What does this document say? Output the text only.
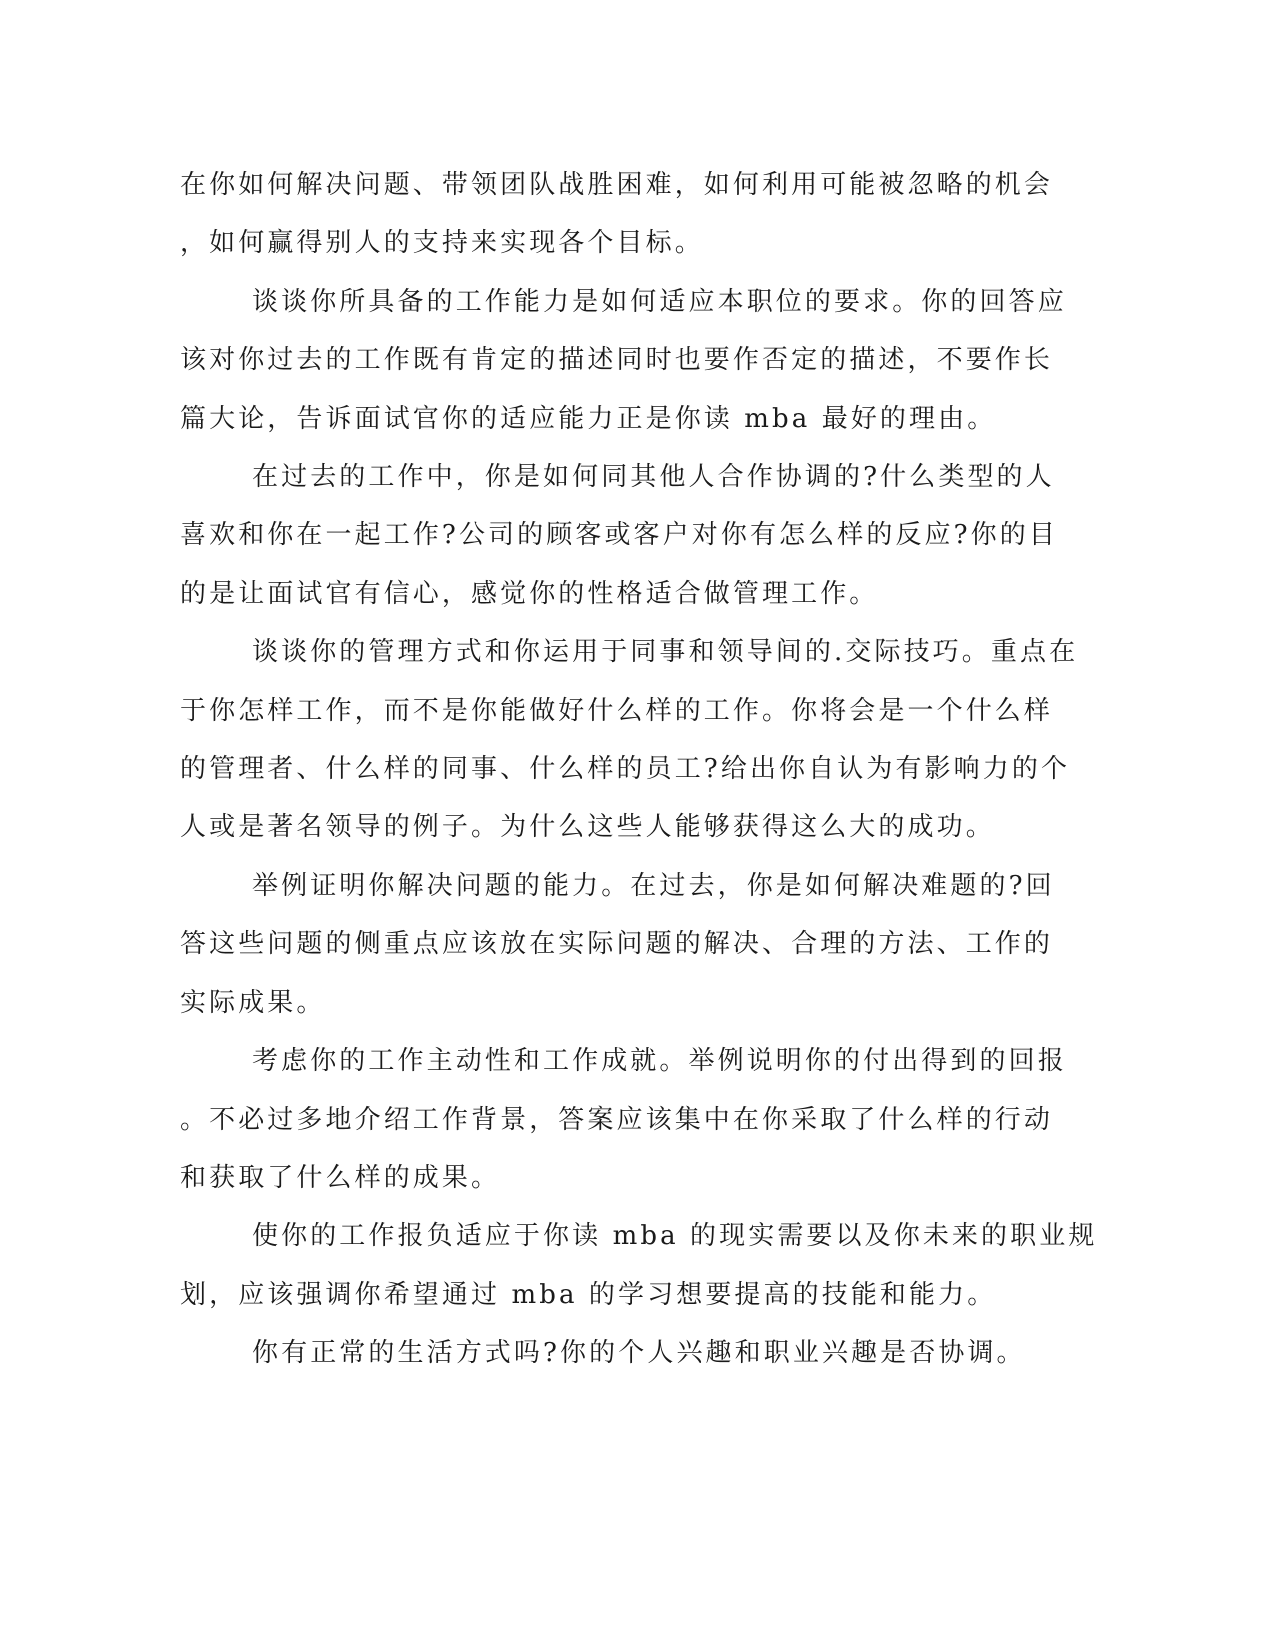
在你如何解决问题、带领团队战胜困难，如何利用可能被忽略的机会
，如何赢得别人的支持来实现各个目标。
谈谈你所具备的工作能力是如何适应本职位的要求。你的回答应
该对你过去的工作既有肯定的描述同时也要作否定的描述，不要作长
篇大论，告诉面试官你的适应能力正是你读 mba 最好的理由。
在过去的工作中，你是如何同其他人合作协调的?什么类型的人
喜欢和你在一起工作?公司的顾客或客户对你有怎么样的反应?你的目
的是让面试官有信心，感觉你的性格适合做管理工作。
谈谈你的管理方式和你运用于同事和领导间的.交际技巧。重点在
于你怎样工作，而不是你能做好什么样的工作。你将会是一个什么样
的管理者、什么样的同事、什么样的员工?给出你自认为有影响力的个
人或是著名领导的例子。为什么这些人能够获得这么大的成功。
举例证明你解决问题的能力。在过去，你是如何解决难题的?回
答这些问题的侧重点应该放在实际问题的解决、合理的方法、工作的
实际成果。
考虑你的工作主动性和工作成就。举例说明你的付出得到的回报
。不必过多地介绍工作背景，答案应该集中在你采取了什么样的行动
和获取了什么样的成果。
使你的工作报负适应于你读 mba 的现实需要以及你未来的职业规
划，应该强调你希望通过 mba 的学习想要提高的技能和能力。
你有正常的生活方式吗?你的个人兴趣和职业兴趣是否协调。
